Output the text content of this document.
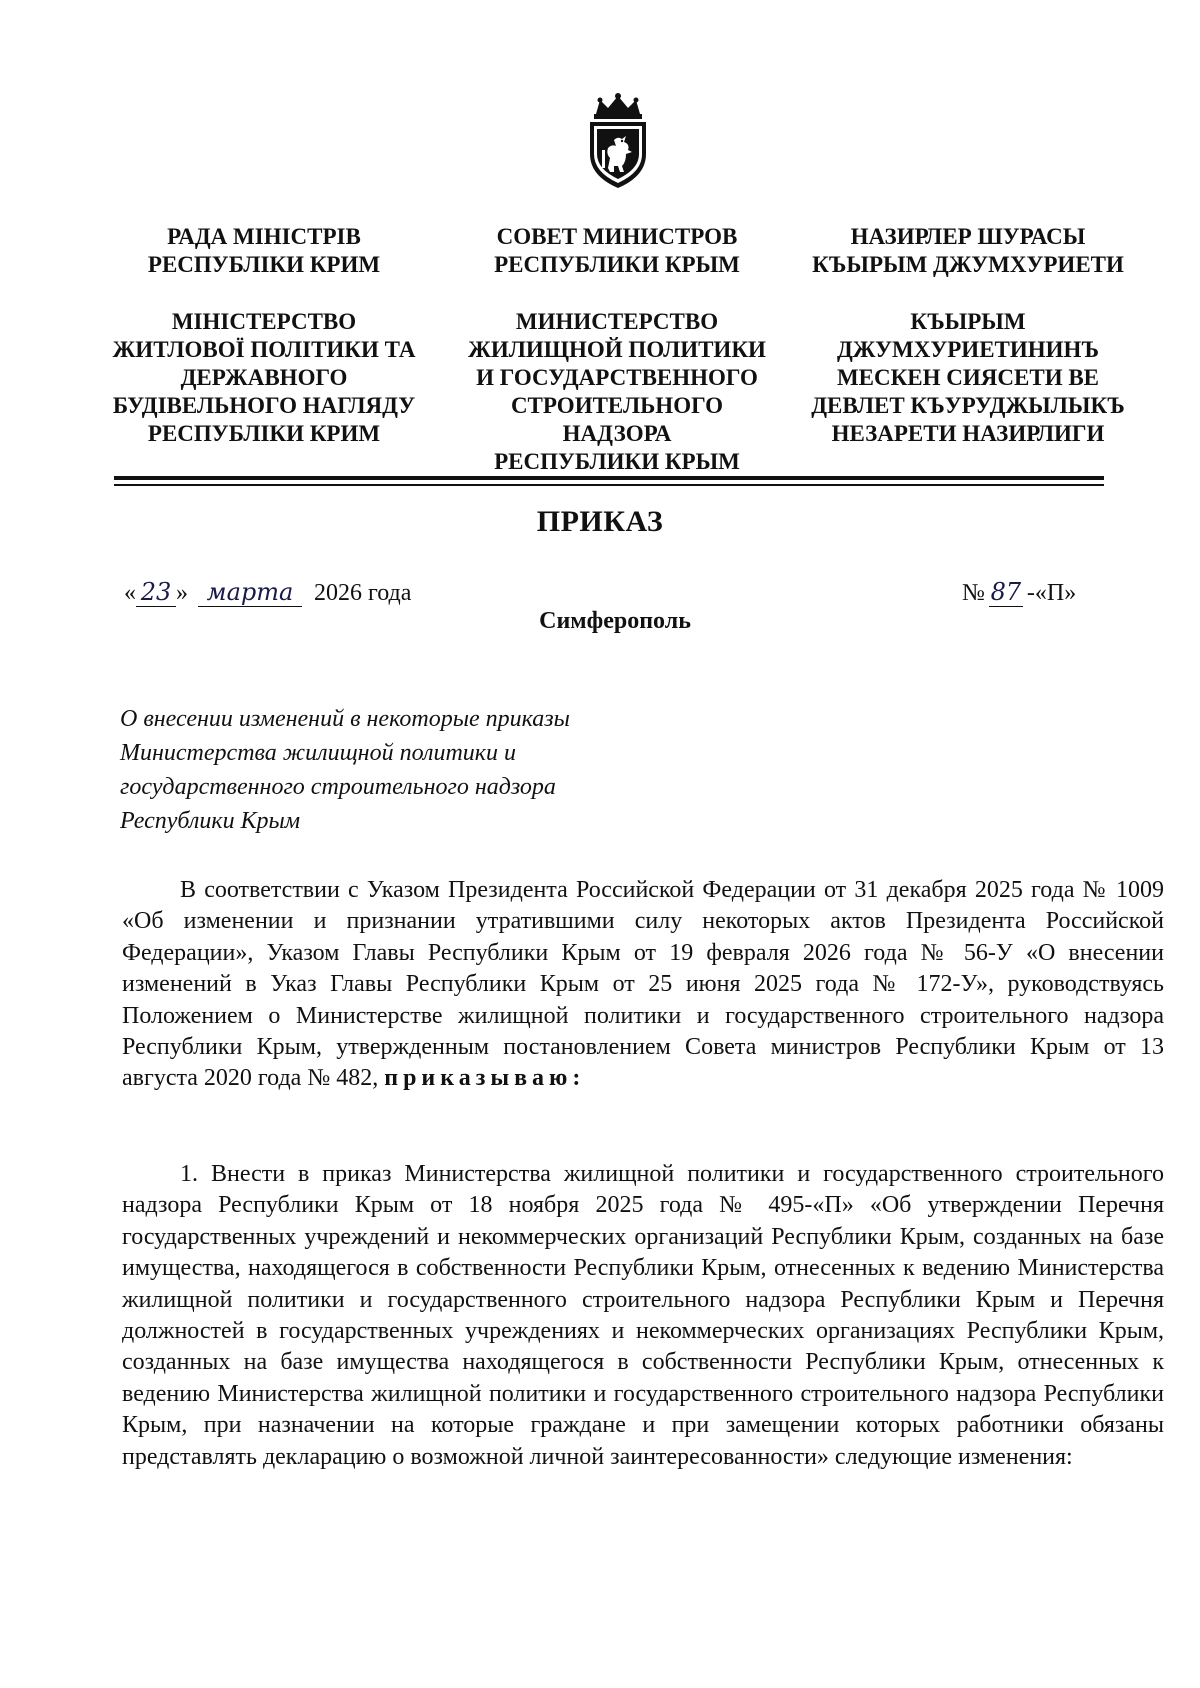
РАДА МІНІСТРІВ
РЕСПУБЛІКИ КРИМ
СОВЕТ МИНИСТРОВ
РЕСПУБЛИКИ КРЫМ
НАЗИРЛЕР ШУРАСЫ
КЪЫРЫМ ДЖУМХУРИЕТИ
МІНІСТЕРСТВО
ЖИТЛОВОЇ ПОЛІТИКИ ТА
ДЕРЖАВНОГО
БУДІВЕЛЬНОГО НАГЛЯДУ
РЕСПУБЛІКИ КРИМ
МИНИСТЕРСТВО
ЖИЛИЩНОЙ ПОЛИТИКИ
И ГОСУДАРСТВЕННОГО
СТРОИТЕЛЬНОГО
НАДЗОРА
РЕСПУБЛИКИ КРЫМ
КЪЫРЫМ
ДЖУМХУРИЕТИНИНЪ
МЕСКЕН СИЯСЕТИ ВЕ
ДЕВЛЕТ КЪУРУДЖЫЛЫКЪ
НЕЗАРЕТИ НАЗИРЛИГИ
ПРИКАЗ
« 23 » марта 2026 года	№ 87 -«П»
Симферополь
О внесении изменений в некоторые приказы
Министерства жилищной политики и
государственного строительного надзора
Республики Крым

В соответствии с Указом Президента Российской Федерации от 31 декабря 2025 года № 1009 «Об изменении и признании утратившими силу некоторых актов Президента Российской Федерации», Указом Главы Республики Крым от 19 февраля 2026 года № 56-У «О внесении изменений в Указ Главы Республики Крым от 25 июня 2025 года № 172-У», руководствуясь Положением о Министерстве жилищной политики и государственного строительного надзора Республики Крым, утвержденным постановлением Совета министров Республики Крым от 13 августа 2020 года № 482, приказываю:

1. Внести в приказ Министерства жилищной политики и государственного строительного надзора Республики Крым от 18 ноября 2025 года № 495-«П» «Об утверждении Перечня государственных учреждений и некоммерческих организаций Республики Крым, созданных на базе имущества, находящегося в собственности Республики Крым, отнесенных к ведению Министерства жилищной политики и государственного строительного надзора Республики Крым и Перечня должностей в государственных учреждениях и некоммерческих организациях Республики Крым, созданных на базе имущества находящегося в собственности Республики Крым, отнесенных к ведению Министерства жилищной политики и государственного строительного надзора Республики Крым, при назначении на которые граждане и при замещении которых работники обязаны представлять декларацию о возможной личной заинтересованности» следующие изменения:
